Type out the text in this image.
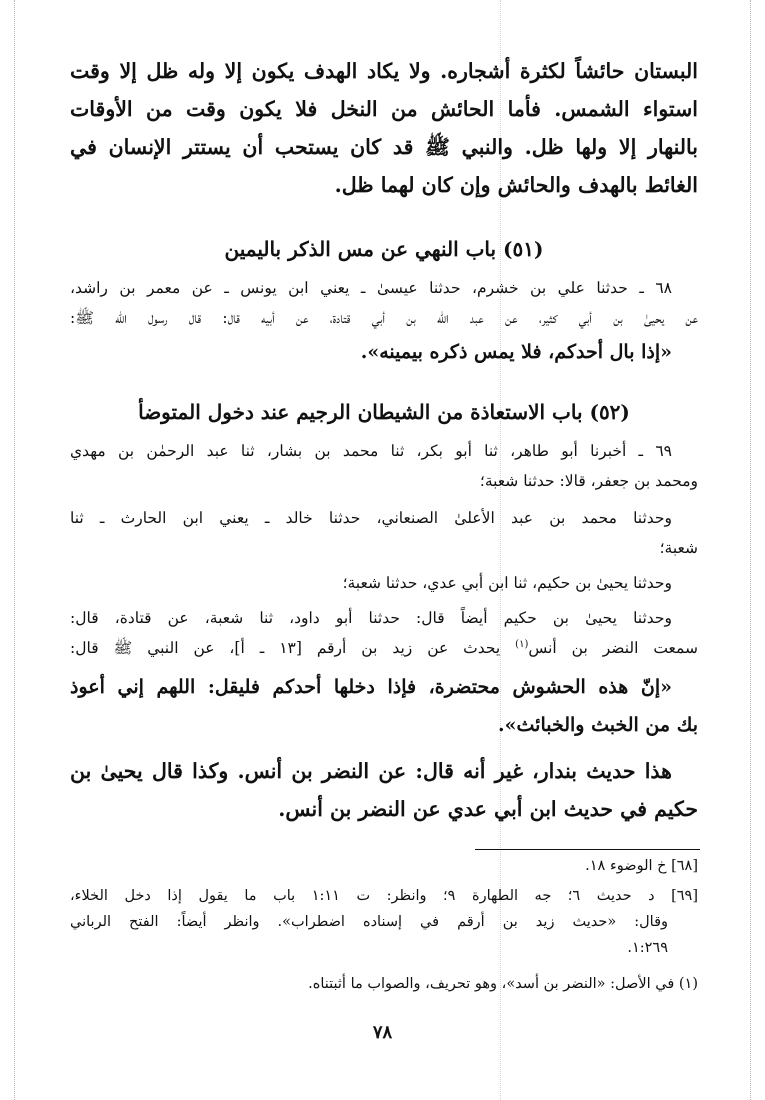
البستان حائشاً لكثرة أشجاره. ولا يكاد الهدف يكون إلا وله ظل إلا وقت
استواء الشمس. فأما الحائش من النخل فلا يكون وقت من الأوقات
بالنهار إلا ولها ظل. والنبي ﷺ قد كان يستحب أن يستتر الإنسان في
الغائط بالهدف والحائش وإن كان لهما ظل.
(٥١) باب النهي عن مس الذكر باليمين
٦٨ ـ حدثنا علي بن خشرم، حدثنا عيسىٰ ـ يعني ابن يونس ـ عن معمر بن راشد،
عن يحيىٰ بن أبي كثير، عن عبد الله بن أبي قتادة، عن أبيه قال: قال رسول الله ﷺ:
«إذا بال أحدكم، فلا يمس ذكره بيمينه».
(٥٢) باب الاستعاذة من الشيطان الرجيم عند دخول المتوضأ
٦٩ ـ أخبرنا أبو طاهر، ثنا أبو بكر، ثنا محمد بن بشار، ثنا عبد الرحمٰن بن مهدي
ومحمد بن جعفر، قالا: حدثنا شعبة؛
وحدثنا محمد بن عبد الأعلىٰ الصنعاني، حدثنا خالد ـ يعني ابن الحارث ـ ثنا
شعبة؛
وحدثنا يحيىٰ بن حكيم، ثنا ابن أبي عدي، حدثنا شعبة؛
وحدثنا يحيىٰ بن حكيم أيضاً قال: حدثنا أبو داود، ثنا شعبة، عن قتادة، قال:
سمعت النضر بن أنس$^{(١)}$ يحدث عن زيد بن أرقم [١٣ ـ أ]، عن النبي ﷺ قال:
«إنّ هذه الحشوش محتضرة، فإذا دخلها أحدكم فليقل: اللهم إني أعوذ
بك من الخبث والخبائث».
هذا حديث بندار، غير أنه قال: عن النضر بن أنس. وكذا قال يحيىٰ بن
حكيم في حديث ابن أبي عدي عن النضر بن أنس.
[٦٨] خ الوضوء ١٨.
[٦٩] د حديث ٦؛ جه الطهارة ٩؛ وانظر: ت ١:١١ باب ما يقول إذا دخل الخلاء،
وقال: «حديث زيد بن أرقم في إسناده اضطراب». وانظر أيضاً: الفتح الرباني
١:٢٦٩.
(١) في الأصل: «النضر بن أسد»، وهو تحريف، والصواب ما أثبتناه.
٧٨
